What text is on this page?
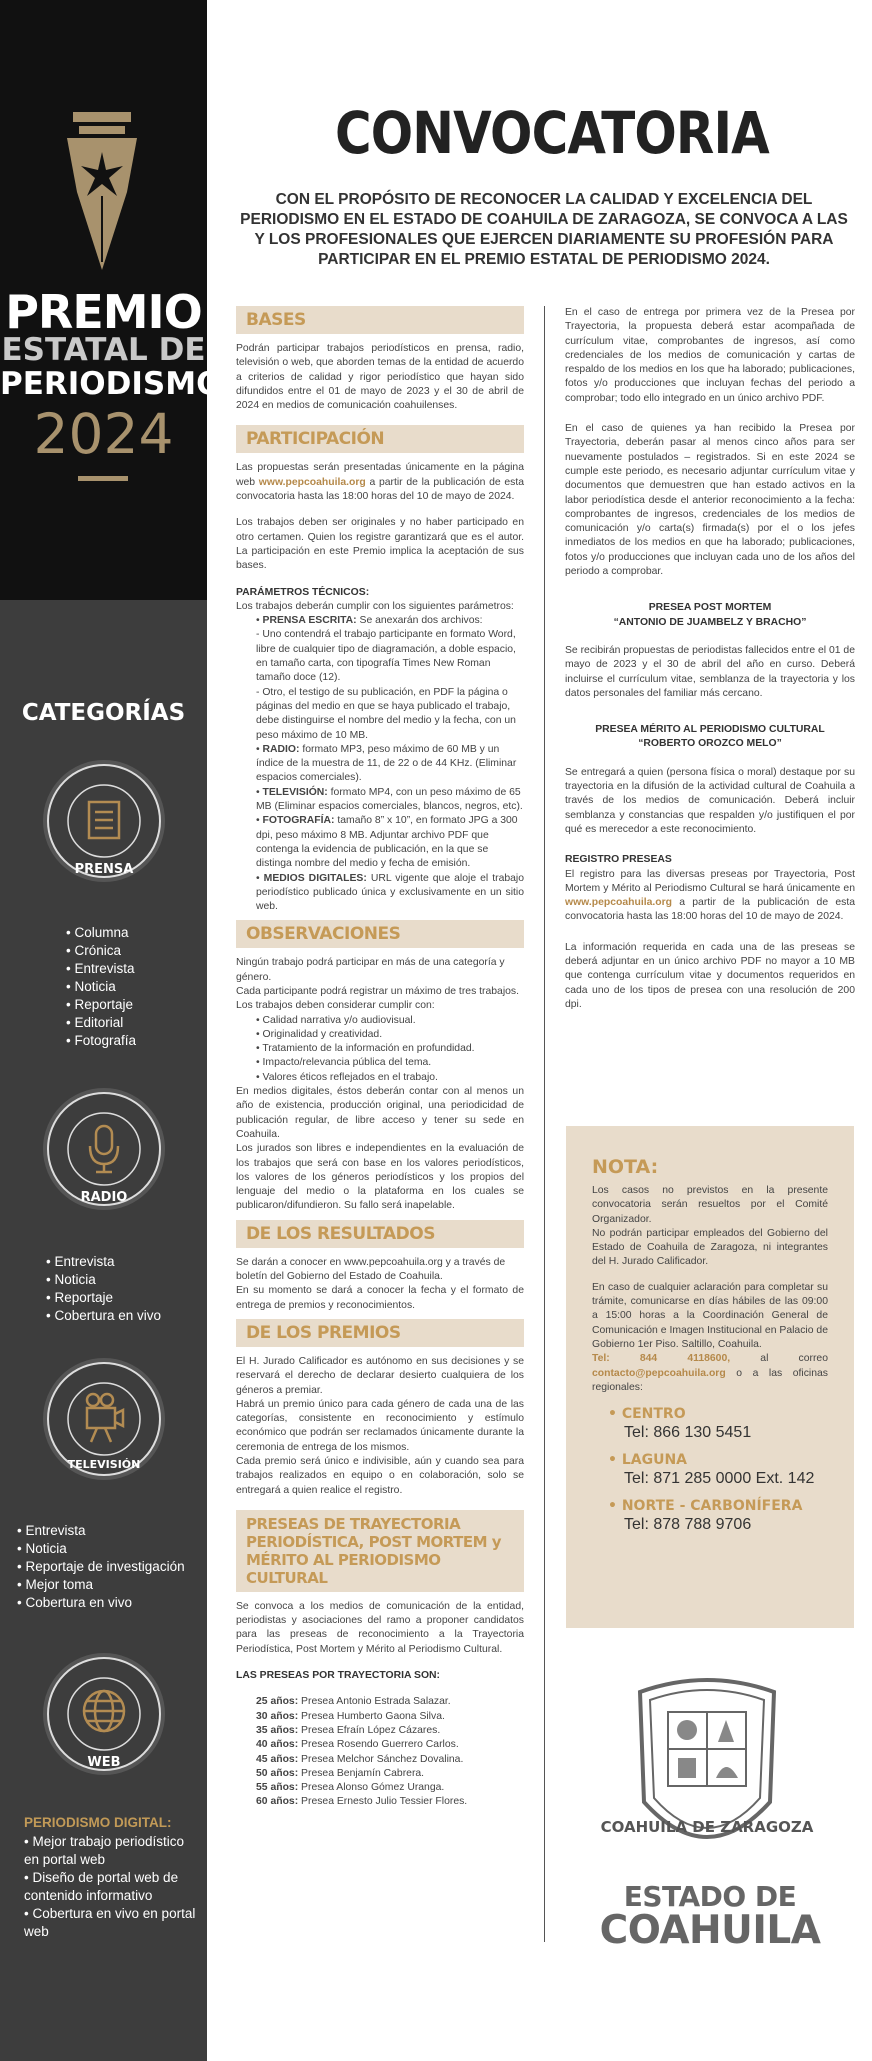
PREMIO
ESTATAL DE
PERIODISMO
2024
CATEGORÍAS
PRENSA
• Columna
• Crónica
• Entrevista
• Noticia
• Reportaje
• Editorial
• Fotografía
RADIO
• Entrevista
• Noticia
• Reportaje
• Cobertura en vivo
TELEVISIÓN
• Entrevista
• Noticia
• Reportaje de investigación
• Mejor toma
• Cobertura en vivo
WEB
PERIODISMO DIGITAL:
• Mejor trabajo periodístico en portal web
• Diseño de portal web de contenido informativo
• Cobertura en vivo en portal web
CONVOCATORIA
CON EL PROPÓSITO DE RECONOCER LA CALIDAD Y EXCELENCIA DEL PERIODISMO EN EL ESTADO DE COAHUILA DE ZARAGOZA, SE CONVOCA A LAS Y LOS PROFESIONALES QUE EJERCEN DIARIAMENTE SU PROFESIÓN PARA PARTICIPAR EN EL PREMIO ESTATAL DE PERIODISMO 2024.
BASES
Podrán participar trabajos periodísticos en prensa, radio, televisión o web, que aborden temas de la entidad de acuerdo a criterios de calidad y rigor periodístico que hayan sido difundidos entre el 01 de mayo de 2023 y el 30 de abril de 2024 en medios de comunicación coahuilenses.
PARTICIPACIÓN
Las propuestas serán presentadas únicamente en la página web www.pepcoahuila.org a partir de la publicación de esta convocatoria hasta las 18:00 horas del 10 de mayo de 2024.
Los trabajos deben ser originales y no haber participado en otro certamen. Quien los registre garantizará que es el autor. La participación en este Premio implica la aceptación de sus bases.
PARÁMETROS TÉCNICOS:
Los trabajos deberán cumplir con los siguientes parámetros:
• PRENSA ESCRITA: Se anexarán dos archivos:
- Uno contendrá el trabajo participante en formato Word, libre de cualquier tipo de diagramación, a doble espacio, en tamaño carta, con tipografía Times New Roman tamaño doce (12).
- Otro, el testigo de su publicación, en PDF la página o páginas del medio en que se haya publicado el trabajo, debe distinguirse el nombre del medio y la fecha, con un peso máximo de 10 MB.
• RADIO: formato MP3, peso máximo de 60 MB y un índice de la muestra de 11, de 22 o de 44 KHz. (Eliminar espacios comerciales).
• TELEVISIÓN: formato MP4, con un peso máximo de 65 MB (Eliminar espacios comerciales, blancos, negros, etc).
• FOTOGRAFÍA: tamaño 8” x 10”, en formato JPG a 300 dpi, peso máximo 8 MB. Adjuntar archivo PDF que contenga la evidencia de publicación, en la que se distinga nombre del medio y fecha de emisión.
• MEDIOS DIGITALES: URL vigente que aloje el trabajo periodístico publicado única y exclusivamente en un sitio web.
OBSERVACIONES
Ningún trabajo podrá participar en más de una categoría y género.
Cada participante podrá registrar un máximo de tres trabajos.
Los trabajos deben considerar cumplir con:
• Calidad narrativa y/o audiovisual.
• Originalidad y creatividad.
• Tratamiento de la información en profundidad.
• Impacto/relevancia pública del tema.
• Valores éticos reflejados en el trabajo.
En medios digitales, éstos deberán contar con al menos un año de existencia, producción original, una periodicidad de publicación regular, de libre acceso y tener su sede en Coahuila.
Los jurados son libres e independientes en la evaluación de los trabajos que será con base en los valores periodísticos, los valores de los géneros periodísticos y los propios del lenguaje del medio o la plataforma en los cuales se publicaron/difundieron. Su fallo será inapelable.
DE LOS RESULTADOS
Se darán a conocer en www.pepcoahuila.org y a través de boletín del Gobierno del Estado de Coahuila.
En su momento se dará a conocer la fecha y el formato de entrega de premios y reconocimientos.
DE LOS PREMIOS
El H. Jurado Calificador es autónomo en sus decisiones y se reservará el derecho de declarar desierto cualquiera de los géneros a premiar.
Habrá un premio único para cada género de cada una de las categorías, consistente en reconocimiento y estímulo económico que podrán ser reclamados únicamente durante la ceremonia de entrega de los mismos.
Cada premio será único e indivisible, aún y cuando sea para trabajos realizados en equipo o en colaboración, solo se entregará a quien realice el registro.
PRESEAS DE TRAYECTORIA PERIODÍSTICA, POST MORTEM y MÉRITO AL PERIODISMO CULTURAL
Se convoca a los medios de comunicación de la entidad, periodistas y asociaciones del ramo a proponer candidatos para las preseas de reconocimiento a la Trayectoria Periodística, Post Mortem y Mérito al Periodismo Cultural.
LAS PRESEAS POR TRAYECTORIA SON:
25 años: Presea Antonio Estrada Salazar.
30 años: Presea Humberto Gaona Silva.
35 años: Presea Efraín López Cázares.
40 años: Presea Rosendo Guerrero Carlos.
45 años: Presea Melchor Sánchez Dovalina.
50 años: Presea Benjamín Cabrera.
55 años: Presea Alonso Gómez Uranga.
60 años: Presea Ernesto Julio Tessier Flores.
En el caso de entrega por primera vez de la Presea por Trayectoria, la propuesta deberá estar acompañada de currículum vitae, comprobantes de ingresos, así como credenciales de los medios de comunicación y cartas de respaldo de los medios en los que ha laborado; publicaciones, fotos y/o producciones que incluyan fechas del periodo a comprobar; todo ello integrado en un único archivo PDF.
En el caso de quienes ya han recibido la Presea por Trayectoria, deberán pasar al menos cinco años para ser nuevamente postulados – registrados. Si en este 2024 se cumple este periodo, es necesario adjuntar currículum vitae y documentos que demuestren que han estado activos en la labor periodística desde el anterior reconocimiento a la fecha: comprobantes de ingresos, credenciales de los medios de comunicación y/o carta(s) firmada(s) por el o los jefes inmediatos de los medios en que ha laborado; publicaciones, fotos y/o producciones que incluyan cada uno de los años del periodo a comprobar.
PRESEA POST MORTEM
“ANTONIO DE JUAMBELZ Y BRACHO”
Se recibirán propuestas de periodistas fallecidos entre el 01 de mayo de 2023 y el 30 de abril del año en curso. Deberá incluirse el currículum vitae, semblanza de la trayectoria y los datos personales del familiar más cercano.
PRESEA MÉRITO AL PERIODISMO CULTURAL
“ROBERTO OROZCO MELO”
Se entregará a quien (persona física o moral) destaque por su trayectoria en la difusión de la actividad cultural de Coahuila a través de los medios de comunicación. Deberá incluir semblanza y constancias que respalden y/o justifiquen el por qué es merecedor a este reconocimiento.
REGISTRO PRESEAS
El registro para las diversas preseas por Trayectoria, Post Mortem y Mérito al Periodismo Cultural se hará únicamente en www.pepcoahuila.org a partir de la publicación de esta convocatoria hasta las 18:00 horas del 10 de mayo de 2024.
La información requerida en cada una de las preseas se deberá adjuntar en un único archivo PDF no mayor a 10 MB que contenga currículum vitae y documentos requeridos en cada uno de los tipos de presea con una resolución de 200 dpi.
NOTA:
Los casos no previstos en la presente convocatoria serán resueltos por el Comité Organizador.
No podrán participar empleados del Gobierno del Estado de Coahuila de Zaragoza, ni integrantes del H. Jurado Calificador.
En caso de cualquier aclaración para completar su trámite, comunicarse en días hábiles de las 09:00 a 15:00 horas a la Coordinación General de Comunicación e Imagen Institucional en Palacio de Gobierno 1er Piso. Saltillo, Coahuila.
Tel: 844 4118600, al correo contacto@pepcoahuila.org o a las oficinas regionales:
• CENTRO
Tel: 866 130 5451
• LAGUNA
Tel: 871 285 0000 Ext. 142
• NORTE - CARBONÍFERA
Tel: 878 788 9706
COAHUILA DE ZARAGOZA
ESTADO DE
COAHUILA
